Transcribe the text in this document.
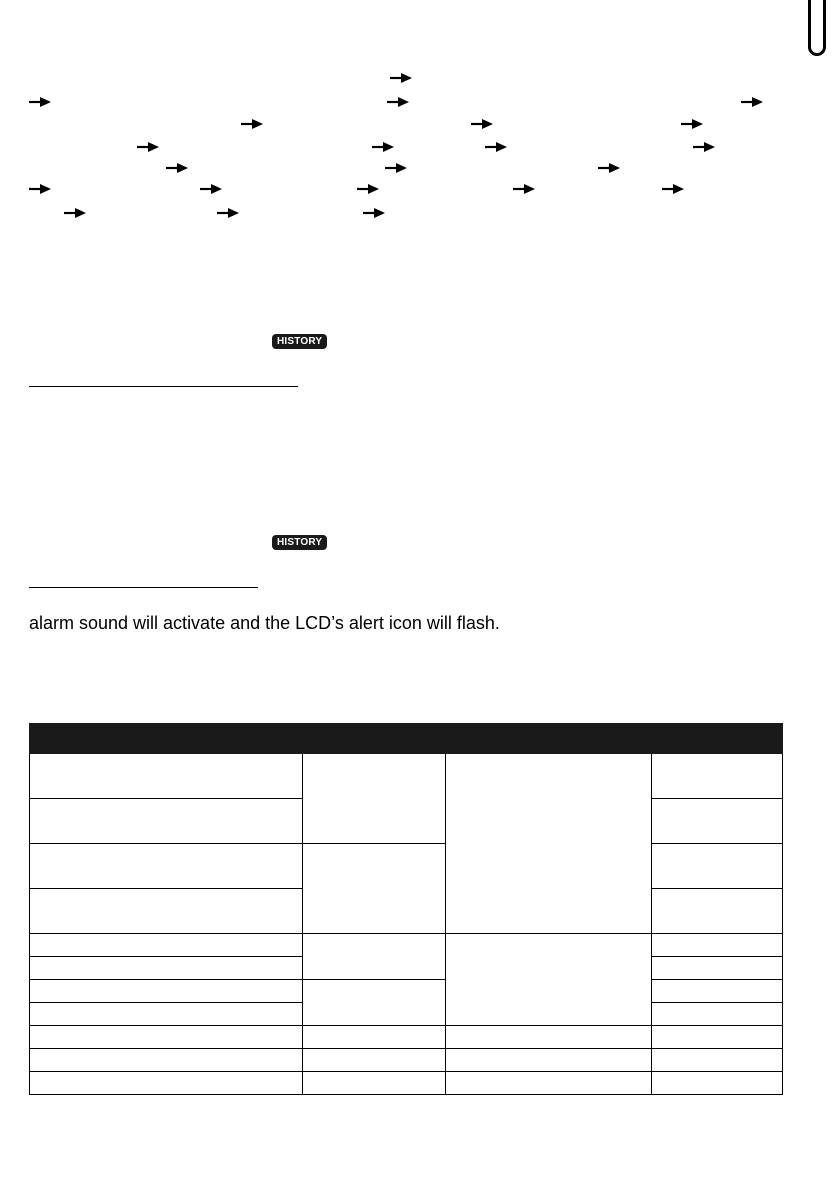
HISTORY
HISTORY
alarm sound will activate and the LCD’s alert icon will flash.
